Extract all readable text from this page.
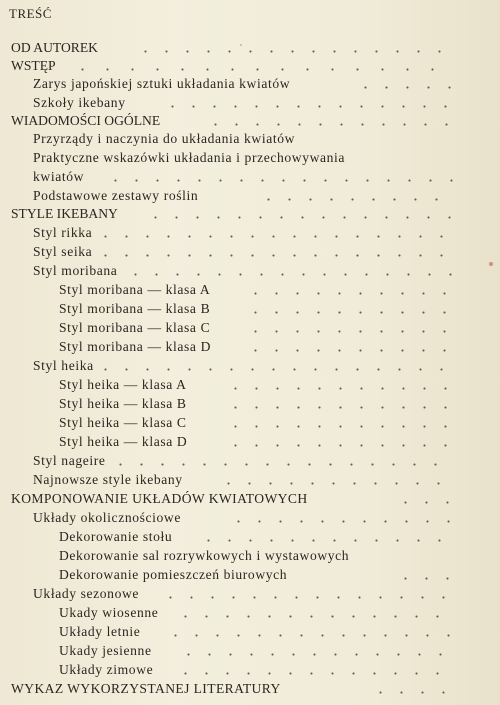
TREŚĆ
OD AUTOREK
WSTĘP
Zarys japońskiej sztuki układania kwiatów
Szkoły ikebany
WIADOMOŚCI OGÓLNE
Przyrządy i naczynia do układania kwiatów
Praktyczne wskazówki układania i przechowywania
kwiatów
Podstawowe zestawy roślin
STYLE IKEBANY
Styl rikka
Styl seika
Styl moribana
Styl moribana — klasa A
Styl moribana — klasa B
Styl moribana — klasa C
Styl moribana — klasa D
Styl heika
Styl heika — klasa A
Styl heika — klasa B
Styl heika — klasa C
Styl heika — klasa D
Styl nageire
Najnowsze style ikebany
KOMPONOWANIE UKŁADÓW KWIATOWYCH
Układy okolicznościowe
Dekorowanie stołu
Dekorowanie sal rozrywkowych i wystawowych
Dekorowanie pomieszczeń biurowych
Układy sezonowe
Ukady wiosenne
Układy letnie
Ukady jesienne
Układy zimowe
WYKAZ WYKORZYSTANEJ LITERATURY
